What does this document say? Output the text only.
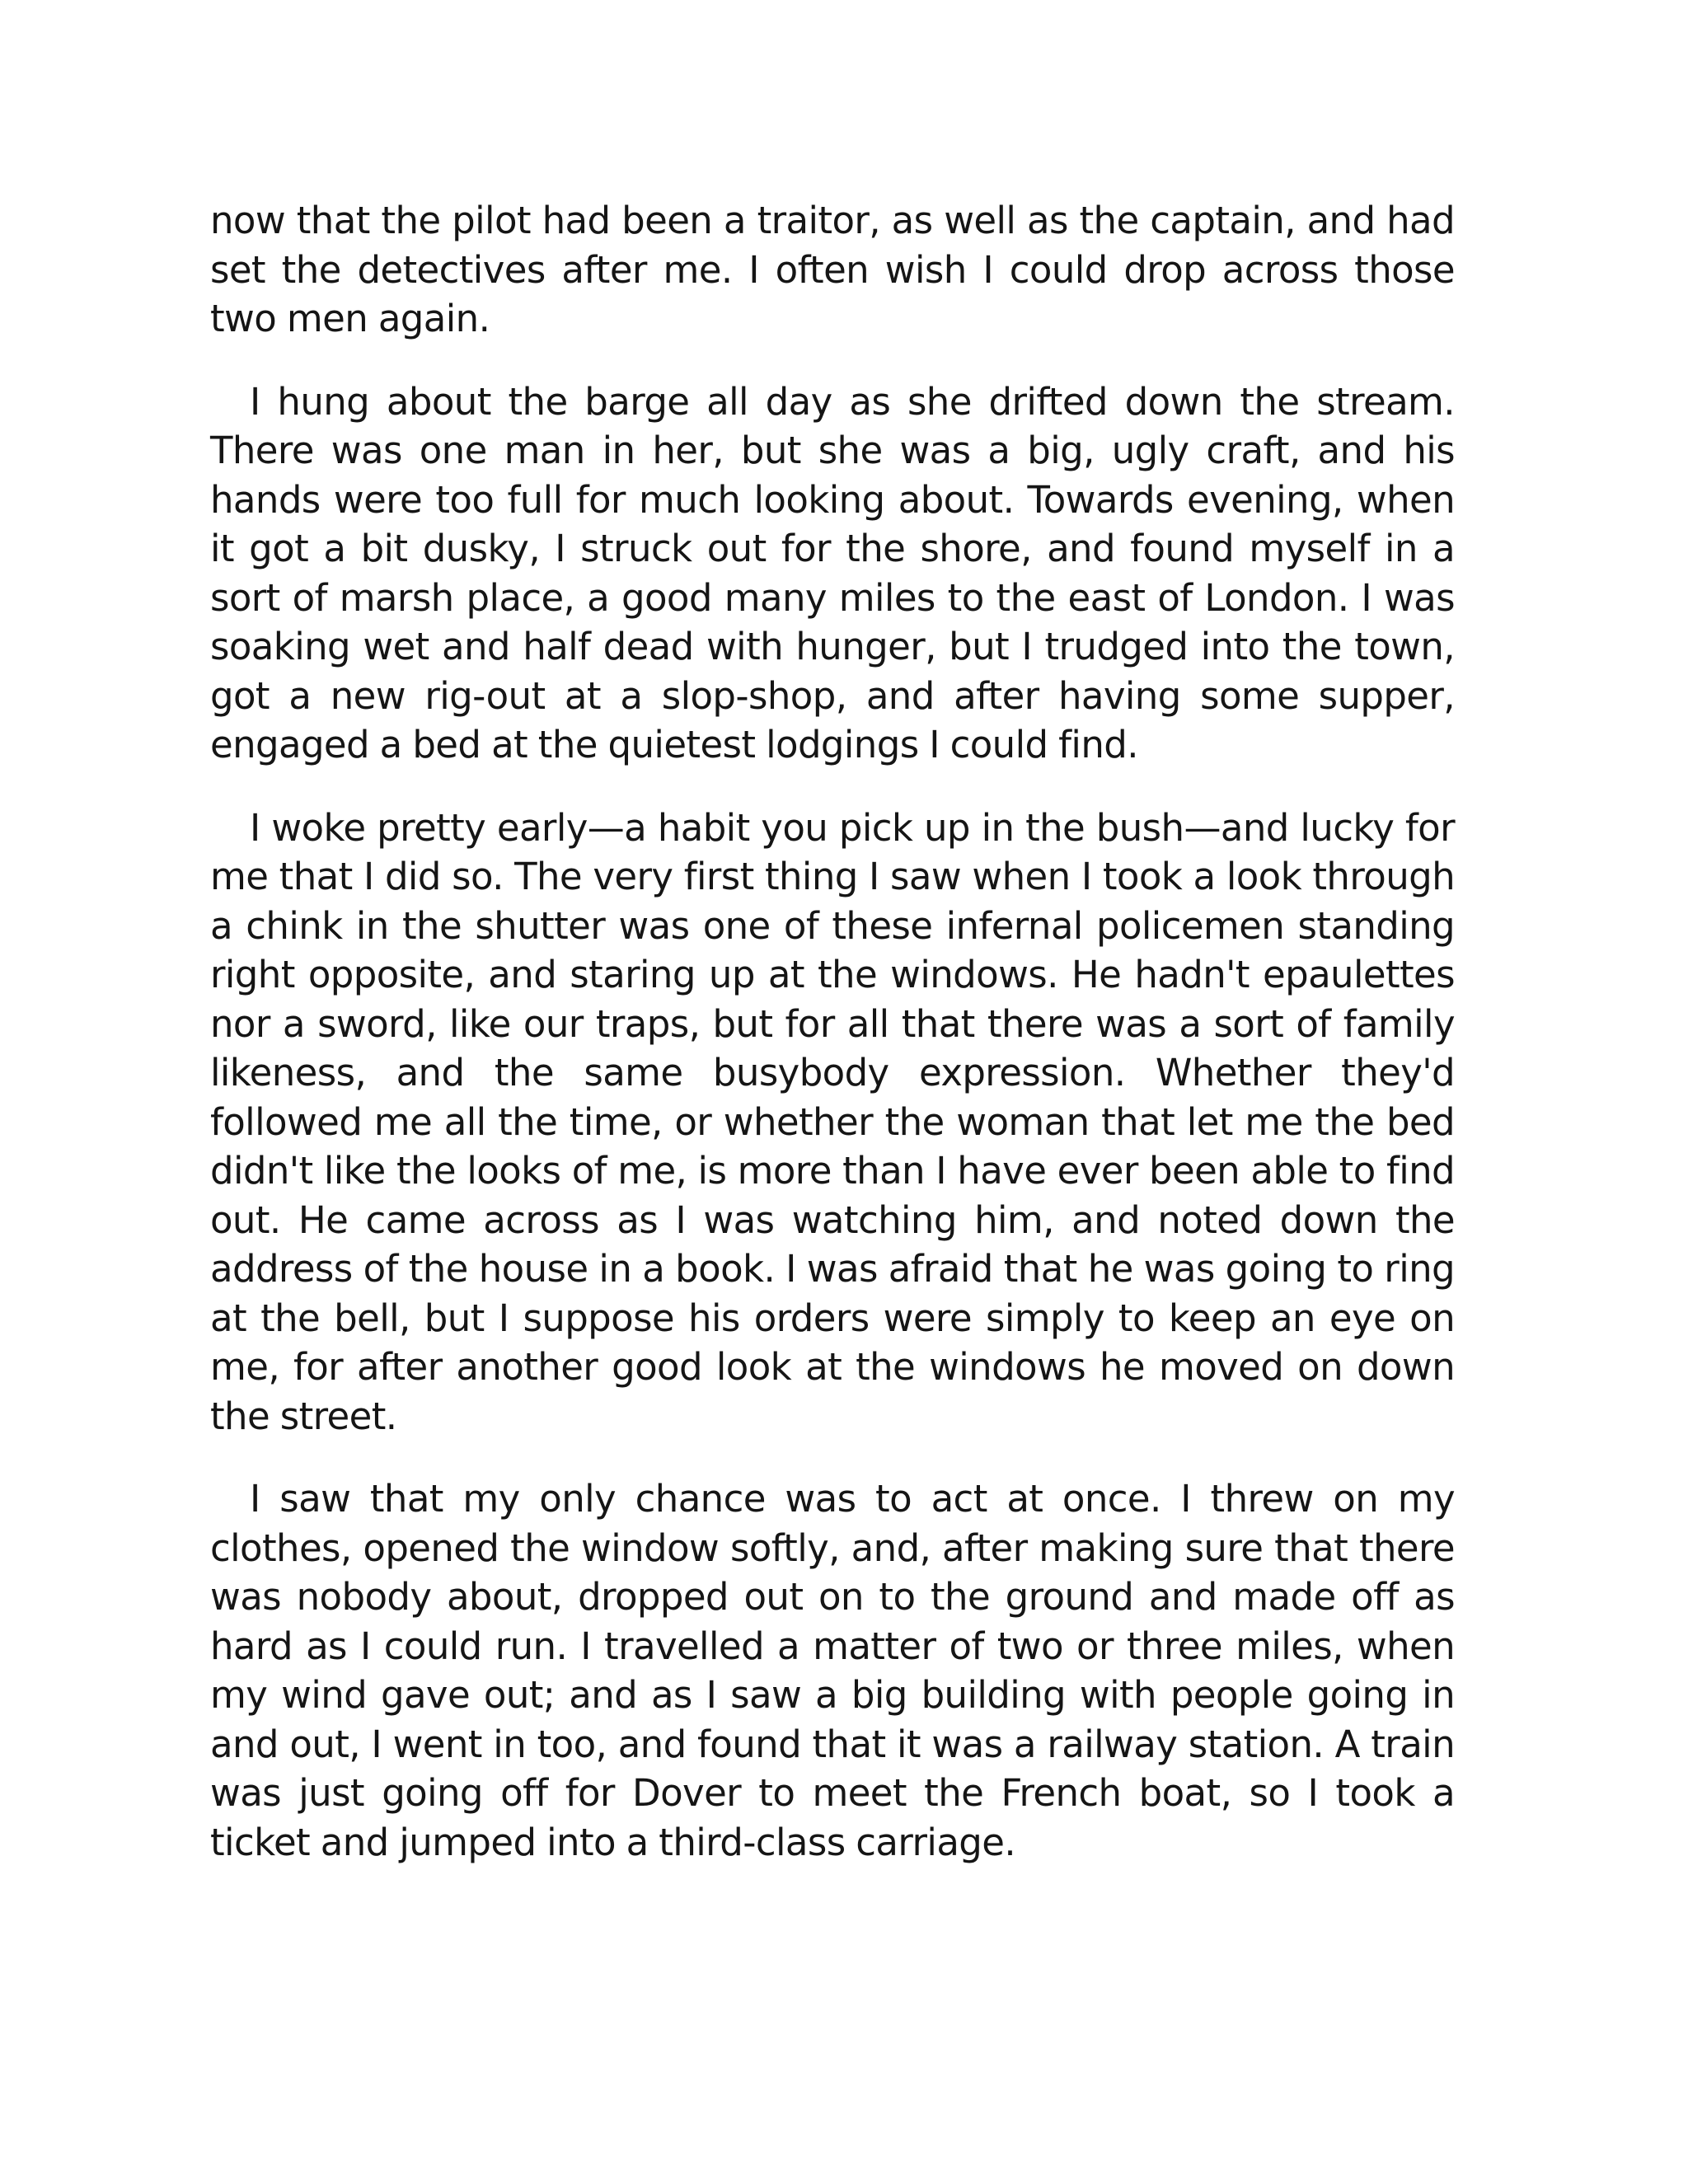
now that the pilot had been a traitor, as well as the captain, and had set the detectives after me. I often wish I could drop across those two men again.

I hung about the barge all day as she drifted down the stream. There was one man in her, but she was a big, ugly craft, and his hands were too full for much looking about. Towards evening, when it got a bit dusky, I struck out for the shore, and found myself in a sort of marsh place, a good many miles to the east of London. I was soaking wet and half dead with hunger, but I trudged into the town, got a new rig-out at a slop-shop, and after having some supper, engaged a bed at the quietest lodgings I could find.

I woke pretty early—a habit you pick up in the bush—and lucky for me that I did so. The very first thing I saw when I took a look through a chink in the shutter was one of these infernal policemen standing right opposite, and staring up at the windows. He hadn't epaulettes nor a sword, like our traps, but for all that there was a sort of family likeness, and the same busybody expression. Whether they'd followed me all the time, or whether the woman that let me the bed didn't like the looks of me, is more than I have ever been able to find out. He came across as I was watching him, and noted down the address of the house in a book. I was afraid that he was going to ring at the bell, but I suppose his orders were simply to keep an eye on me, for after another good look at the windows he moved on down the street.

I saw that my only chance was to act at once. I threw on my clothes, opened the window softly, and, after making sure that there was nobody about, dropped out on to the ground and made off as hard as I could run. I travelled a matter of two or three miles, when my wind gave out; and as I saw a big building with people going in and out, I went in too, and found that it was a railway station. A train was just going off for Dover to meet the French boat, so I took a ticket and jumped into a third-class carriage.
